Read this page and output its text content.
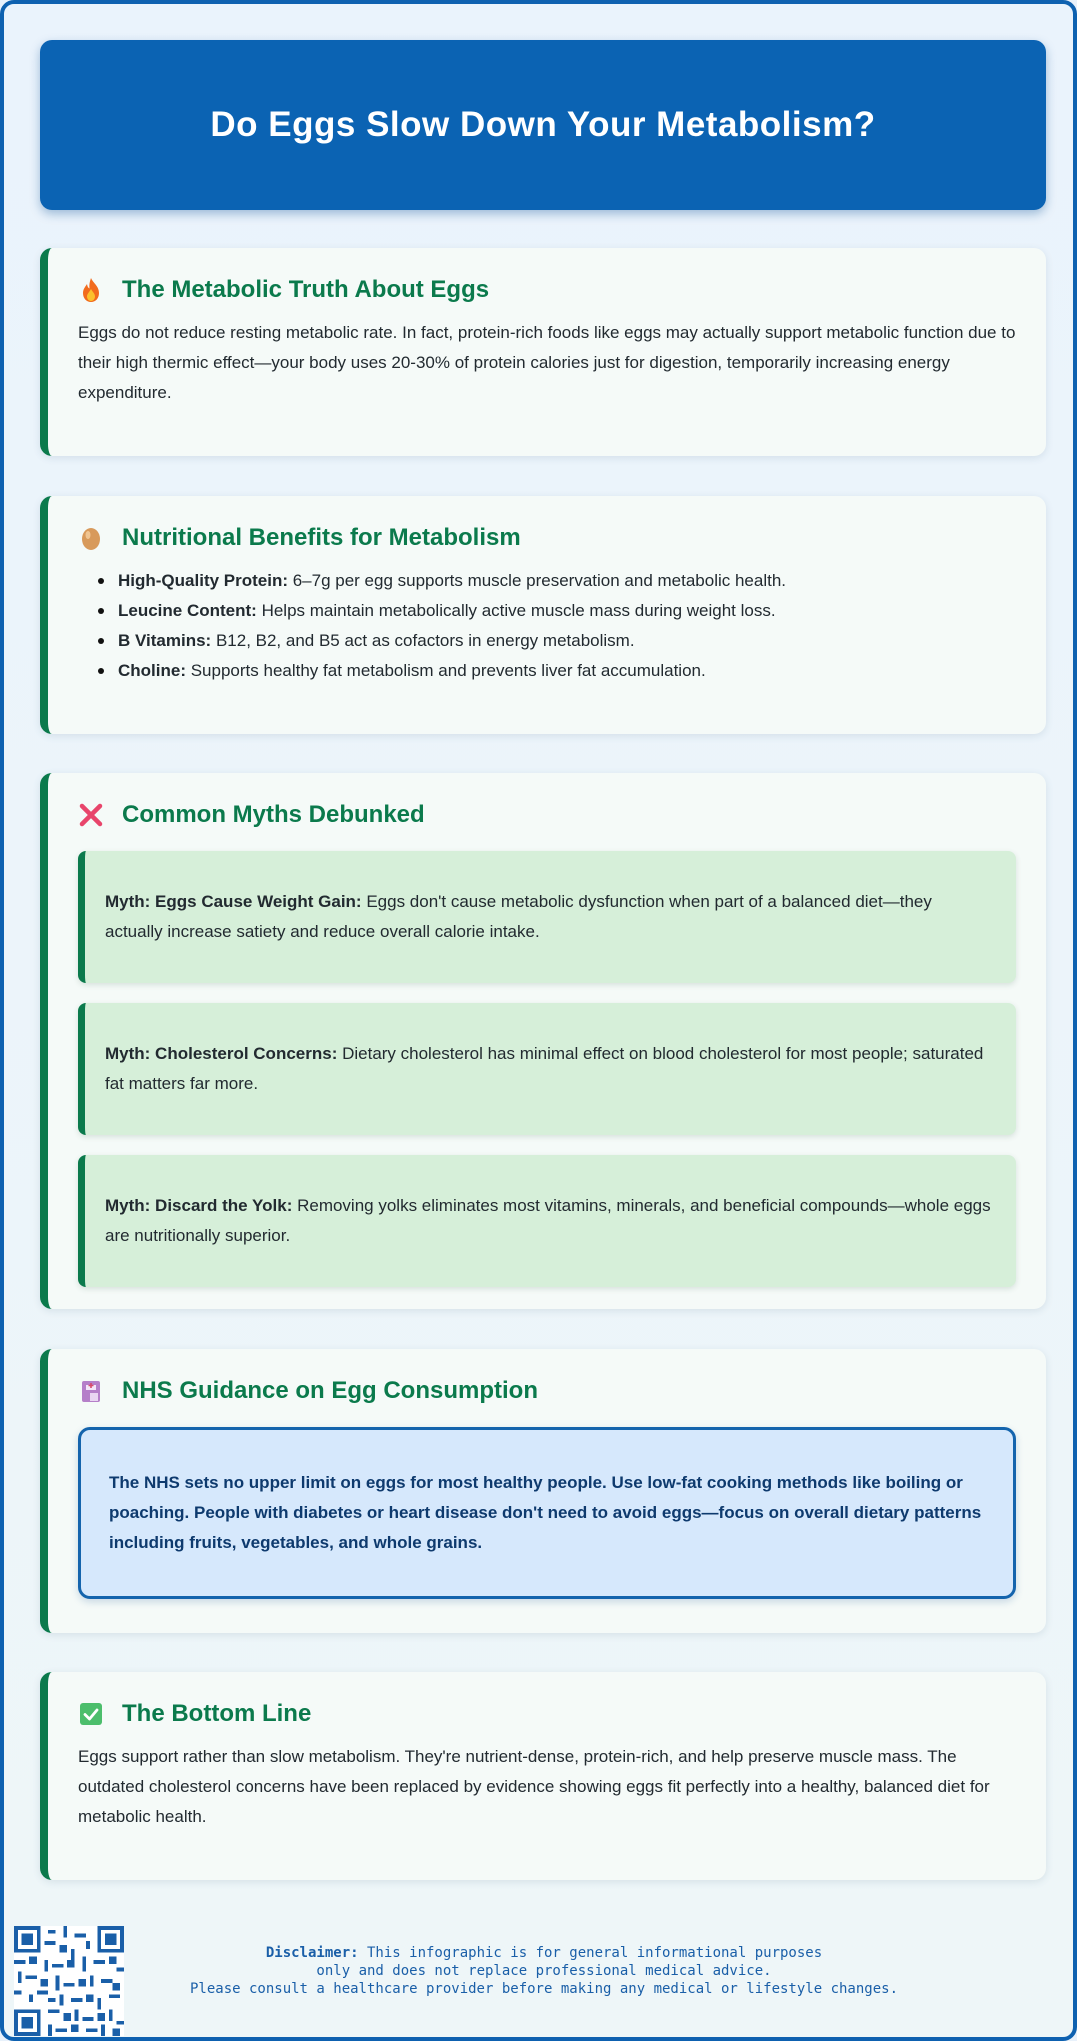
Do Eggs Slow Down Your Metabolism?
The Metabolic Truth About Eggs

Eggs do not reduce resting metabolic rate. In fact, protein-rich foods like eggs may actually support metabolic function due to their high thermic effect—your body uses 20-30% of protein calories just for digestion, temporarily increasing energy expenditure.

Nutritional Benefits for Metabolism
High-Quality Protein: 6–7g per egg supports muscle preservation and metabolic health.
Leucine Content: Helps maintain metabolically active muscle mass during weight loss.
B Vitamins: B12, B2, and B5 act as cofactors in energy metabolism.
Choline: Supports healthy fat metabolism and prevents liver fat accumulation.
Common Myths Debunked
Myth: Eggs Cause Weight Gain: Eggs don't cause metabolic dysfunction when part of a balanced diet—they actually increase satiety and reduce overall calorie intake.
Myth: Cholesterol Concerns: Dietary cholesterol has minimal effect on blood cholesterol for most people; saturated fat matters far more.
Myth: Discard the Yolk: Removing yolks eliminates most vitamins, minerals, and beneficial compounds—whole eggs are nutritionally superior.
NHS Guidance on Egg Consumption
The NHS sets no upper limit on eggs for most healthy people. Use low-fat cooking methods like boiling or poaching. People with diabetes or heart disease don't need to avoid eggs—focus on overall dietary patterns including fruits, vegetables, and whole grains.
The Bottom Line

Eggs support rather than slow metabolism. They're nutrient-dense, protein-rich, and help preserve muscle mass. The outdated cholesterol concerns have been replaced by evidence showing eggs fit perfectly into a healthy, balanced diet for metabolic health.

Disclaimer: This infographic is for general informational purposes
only and does not replace professional medical advice.
Please consult a healthcare provider before making any medical or lifestyle changes.
